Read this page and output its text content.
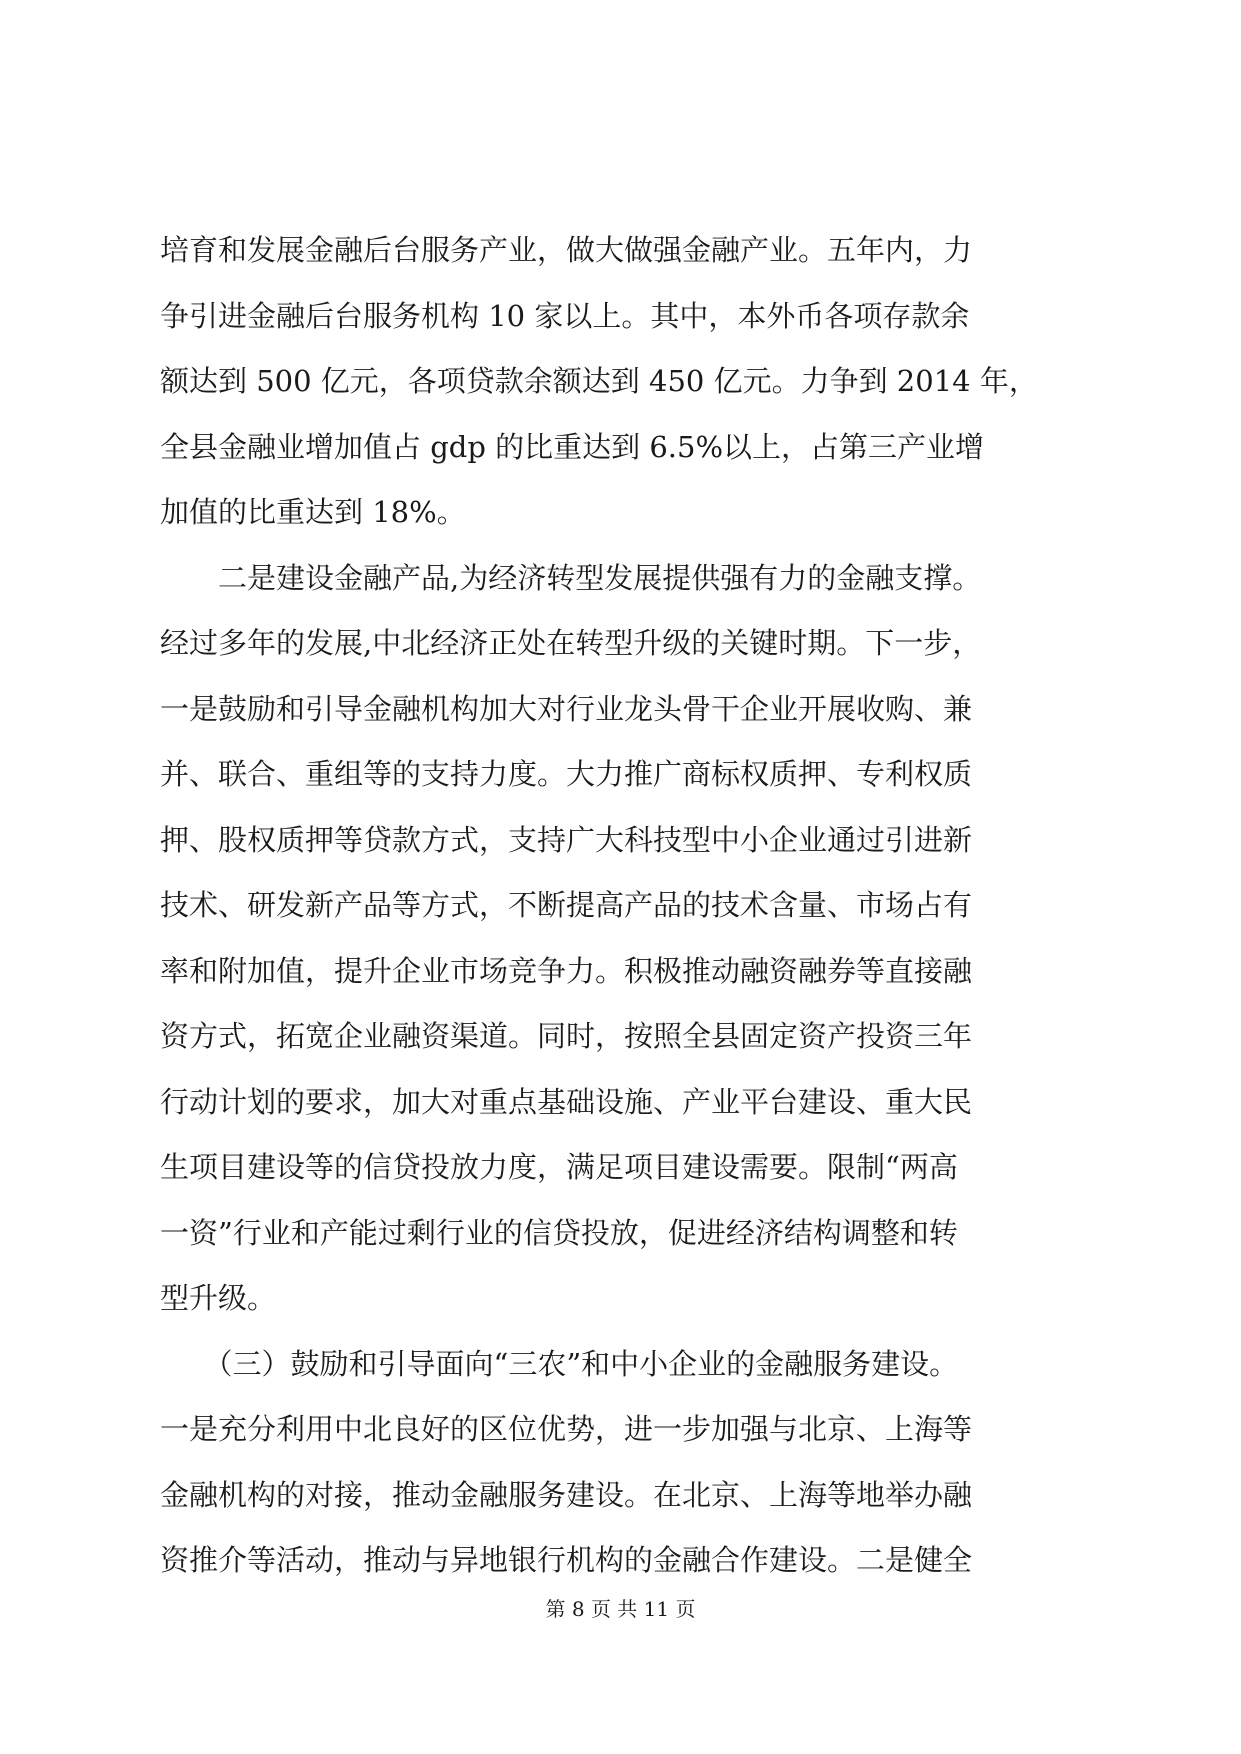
培育和发展金融后台服务产业，做大做强金融产业。五年内，力
争引进金融后台服务机构 10 家以上。其中，本外币各项存款余
额达到 500 亿元，各项贷款余额达到 450 亿元。力争到 2014 年，
全县金融业增加值占 gdp 的比重达到 6.5%以上，占第三产业增
加值的比重达到 18%。
　　二是建设金融产品,为经济转型发展提供强有力的金融支撑。
经过多年的发展,中北经济正处在转型升级的关键时期。下一步，
一是鼓励和引导金融机构加大对行业龙头骨干企业开展收购、兼
并、联合、重组等的支持力度。大力推广商标权质押、专利权质
押、股权质押等贷款方式，支持广大科技型中小企业通过引进新
技术、研发新产品等方式，不断提高产品的技术含量、市场占有
率和附加值，提升企业市场竞争力。积极推动融资融券等直接融
资方式，拓宽企业融资渠道。同时，按照全县固定资产投资三年
行动计划的要求，加大对重点基础设施、产业平台建设、重大民
生项目建设等的信贷投放力度，满足项目建设需要。限制“两高
一资”行业和产能过剩行业的信贷投放，促进经济结构调整和转
型升级。
　　（三）鼓励和引导面向“三农”和中小企业的金融服务建设。
一是充分利用中北良好的区位优势，进一步加强与北京、上海等
金融机构的对接，推动金融服务建设。在北京、上海等地举办融
资推介等活动，推动与异地银行机构的金融合作建设。二是健全
第 8 页 共 11 页
